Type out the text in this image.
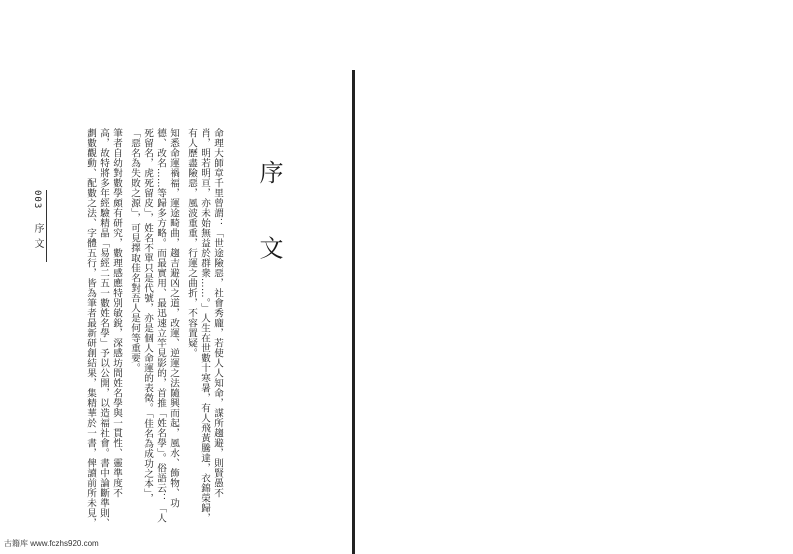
序 文
命理大師章千里曾謂：「世途險惡，社會秀龐，若使人人知命，謀所趨避，則賢愚不
肖，明若明亘，亦未始無益於群衆……。」人生在世數十寒暑，有人飛黃騰達，衣錦榮歸，
有人歷盡險惡，風波重重，行運之曲折，不容置疑。
知悉命運禍福，運途畸曲，趨吉避凶之道，改運、逆運之法隨興而起，風水、飾物、功
德、改名……等歸多方略。而最實用、最迅速立竿見影的，首推「姓名學」。俗語云：「人
死留名，虎死留皮」，姓名不單只是代號，亦是個人命運的表徵。「佳名為成功之本」，
「惡名為失敗之源」，可見擇取佳名對吾人是何等重要。
筆者自幼對數學頗有研究，數理感應特別敏銳，深感坊間姓名學與一貫性、靈準度不
高，故特將多年經驗精晶「易經二五一數姓名學」予以公開，以造福社會。書中論斷準則、
劃數觀動、配數之法、字體五行，皆為筆者最新研創結果，集精華於一書，俾讀前所未見，
003 序 文
古籍库 www.fczhs920.com
